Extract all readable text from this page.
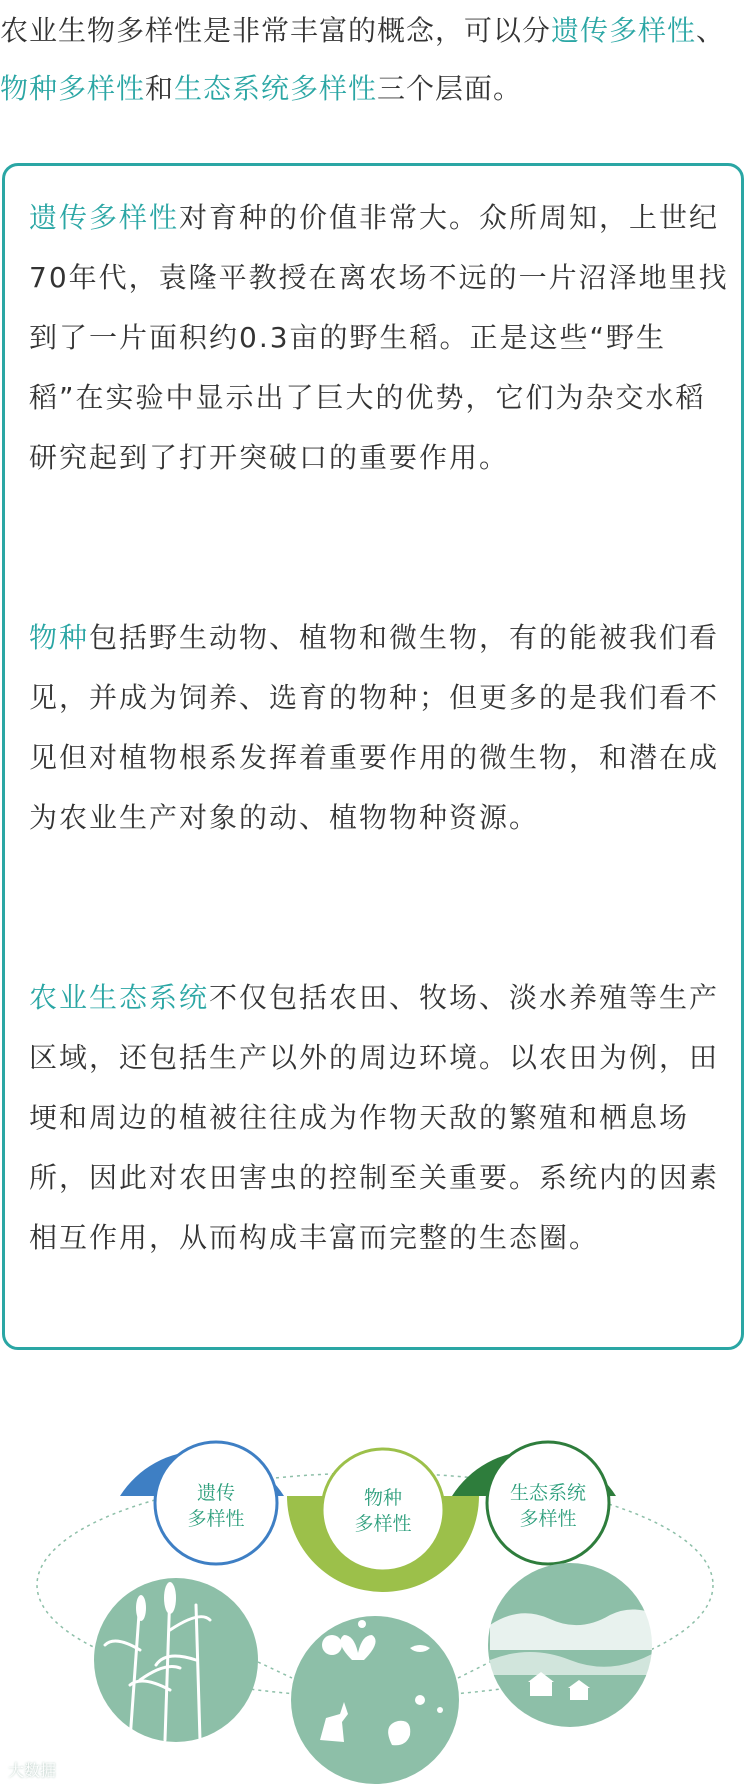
农业生物多样性是非常丰富的概念，可以分遗传多样性、物种多样性和生态系统多样性三个层面。
遗传多样性对育种的价值非常大。众所周知，上世纪70年代，袁隆平教授在离农场不远的一片沼泽地里找到了一片面积约0.3亩的野生稻。正是这些“野生稻”在实验中显示出了巨大的优势，它们为杂交水稻研究起到了打开突破口的重要作用。
物种包括野生动物、植物和微生物，有的能被我们看见，并成为饲养、选育的物种；但更多的是我们看不见但对植物根系发挥着重要作用的微生物，和潜在成为农业生产对象的动、植物物种资源。
农业生态系统不仅包括农田、牧场、淡水养殖等生产区域，还包括生产以外的周边环境。以农田为例，田埂和周边的植被往往成为作物天敌的繁殖和栖息场所，因此对农田害虫的控制至关重要。系统内的因素相互作用，从而构成丰富而完整的生态圈。
遗传
多样性
物种
多样性
生态系统
多样性
大数据
